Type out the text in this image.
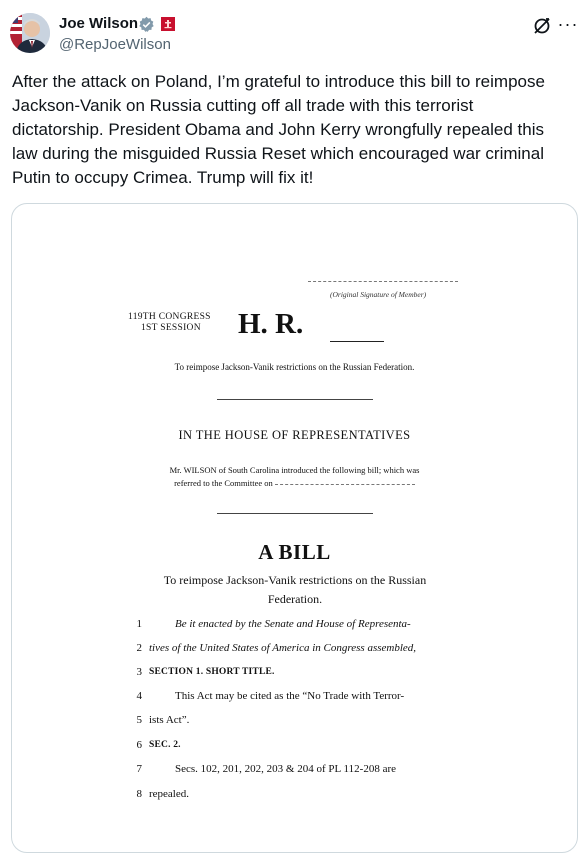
Joe Wilson
@RepJoeWilson
···
After the attack on Poland, I’m grateful to introduce this bill to reimpose
Jackson-Vanik on Russia cutting off all trade with this terrorist
dictatorship. President Obama and John Kerry wrongfully repealed this
law during the misguided Russia Reset which encouraged war criminal
Putin to occupy Crimea. Trump will fix it!
(Original Signature of Member)
119TH CONGRESS
1ST SESSION H. R.
To reimpose Jackson-Vanik restrictions on the Russian Federation.
IN THE HOUSE OF REPRESENTATIVES
Mr. WILSON of South Carolina introduced the following bill; which was
referred to the Committee on
A BILL
To reimpose Jackson-Vanik restrictions on the Russian Federation.
1	Be it enacted by the Senate and House of Representa-
2 tives of the United States of America in Congress assembled,
3 SECTION 1. SHORT TITLE.
4	This Act may be cited as the “No Trade with Terror-
5 ists Act”.
6 SEC. 2.
7	Secs. 102, 201, 202, 203 & 204 of PL 112-208 are
8 repealed.
